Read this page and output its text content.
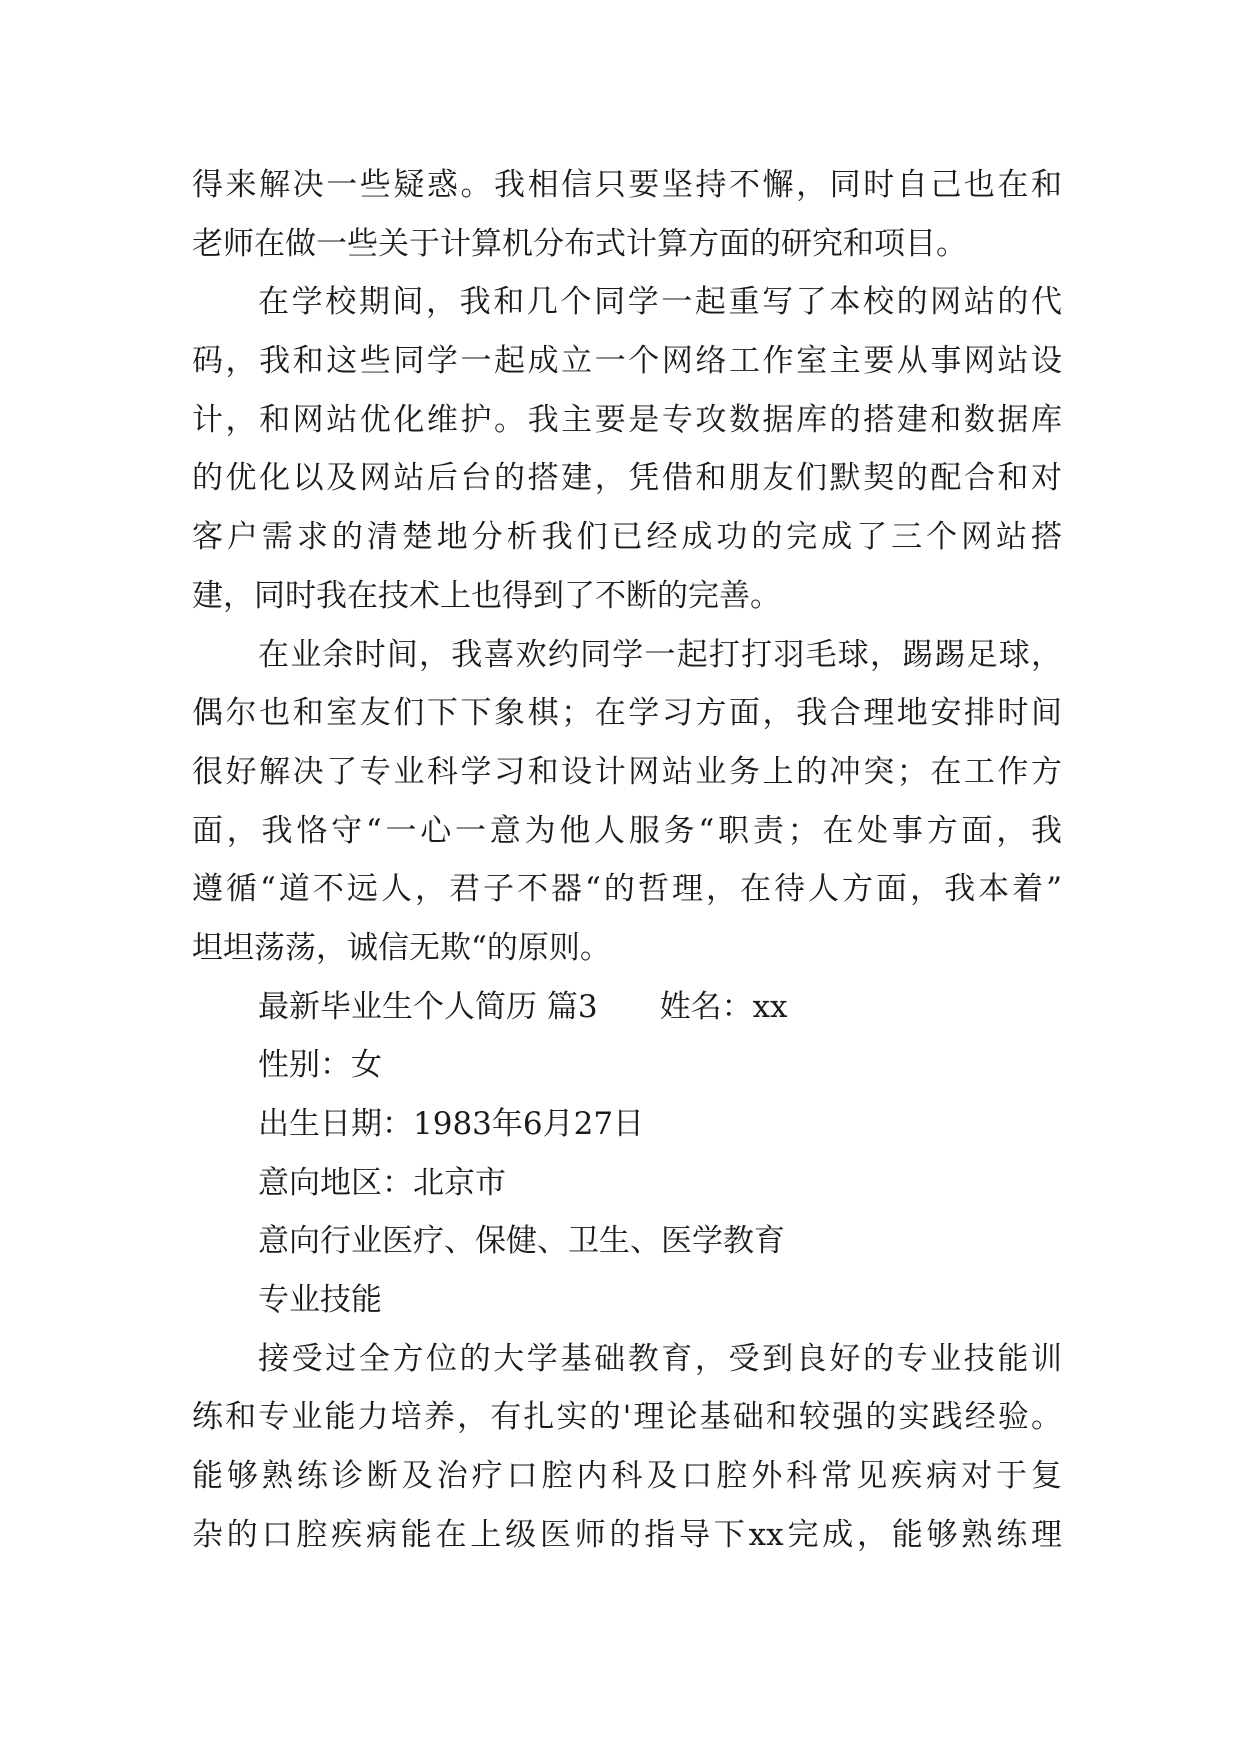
得来解决一些疑惑。我相信只要坚持不懈，同时自己也在和
老师在做一些关于计算机分布式计算方面的研究和项目。
在学校期间，我和几个同学一起重写了本校的网站的代
码，我和这些同学一起成立一个网络工作室主要从事网站设
计，和网站优化维护。我主要是专攻数据库的搭建和数据库
的优化以及网站后台的搭建，凭借和朋友们默契的配合和对
客户需求的清楚地分析我们已经成功的完成了三个网站搭
建，同时我在技术上也得到了不断的完善。
在业余时间，我喜欢约同学一起打打羽毛球，踢踢足球，
偶尔也和室友们下下象棋；在学习方面，我合理地安排时间
很好解决了专业科学习和设计网站业务上的冲突；在工作方
面，我恪守“一心一意为他人服务“职责；在处事方面，我
遵循“道不远人，君子不器“的哲理，在待人方面，我本着”
坦坦荡荡，诚信无欺“的原则。
最新毕业生个人简历 篇3　　姓名：xx
性别：女
出生日期：1983年6月27日
意向地区：北京市
意向行业医疗、保健、卫生、医学教育
专业技能
接受过全方位的大学基础教育，受到良好的专业技能训
练和专业能力培养，有扎实的'理论基础和较强的实践经验。
能够熟练诊断及治疗口腔内科及口腔外科常见疾病对于复
杂的口腔疾病能在上级医师的指导下xx完成，能够熟练理
